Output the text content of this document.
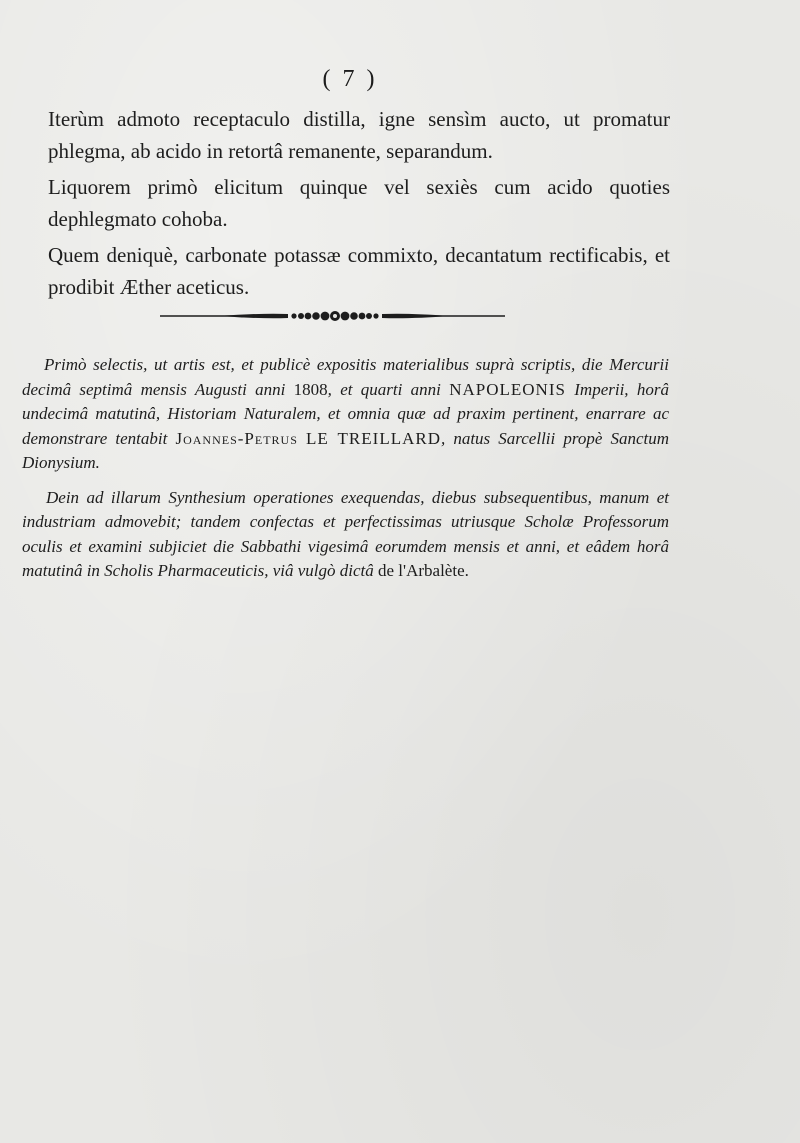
( 7 )

Iterùm admoto receptaculo distilla, igne sensìm aucto, ut promatur phlegma, ab acido in retortâ remanente, separandum.

Liquorem primò elicitum quinque vel sexiès cum acido quoties dephlegmato cohoba.

Quem deniquè, carbonate potassæ commixto, decantatum rectificabis, et prodibit Æther aceticus.

Primò selectis, ut artis est, et publicè expositis materialibus suprà scriptis, die Mercurii decimâ septimâ mensis Augusti anni 1808, et quarti anni NAPOLEONIS Imperii, horâ undecimâ matutinâ, Historiam Naturalem, et omnia quæ ad praxim pertinent, enarrare ac demonstrare tentabit Joannes-Petrus LE TREILLARD, natus Sarcellii propè Sanctum Dionysium.

Dein ad illarum Synthesium operationes exequendas, diebus subsequentibus, manum et industriam admovebit; tandem confectas et perfectissimas utriusque Scholæ Professorum oculis et examini subjiciet die Sabbathi vigesimâ eorumdem mensis et anni, et eâdem horâ matutinâ in Scholis Pharmaceuticis, viâ vulgò dictâ de l'Arbalète.
